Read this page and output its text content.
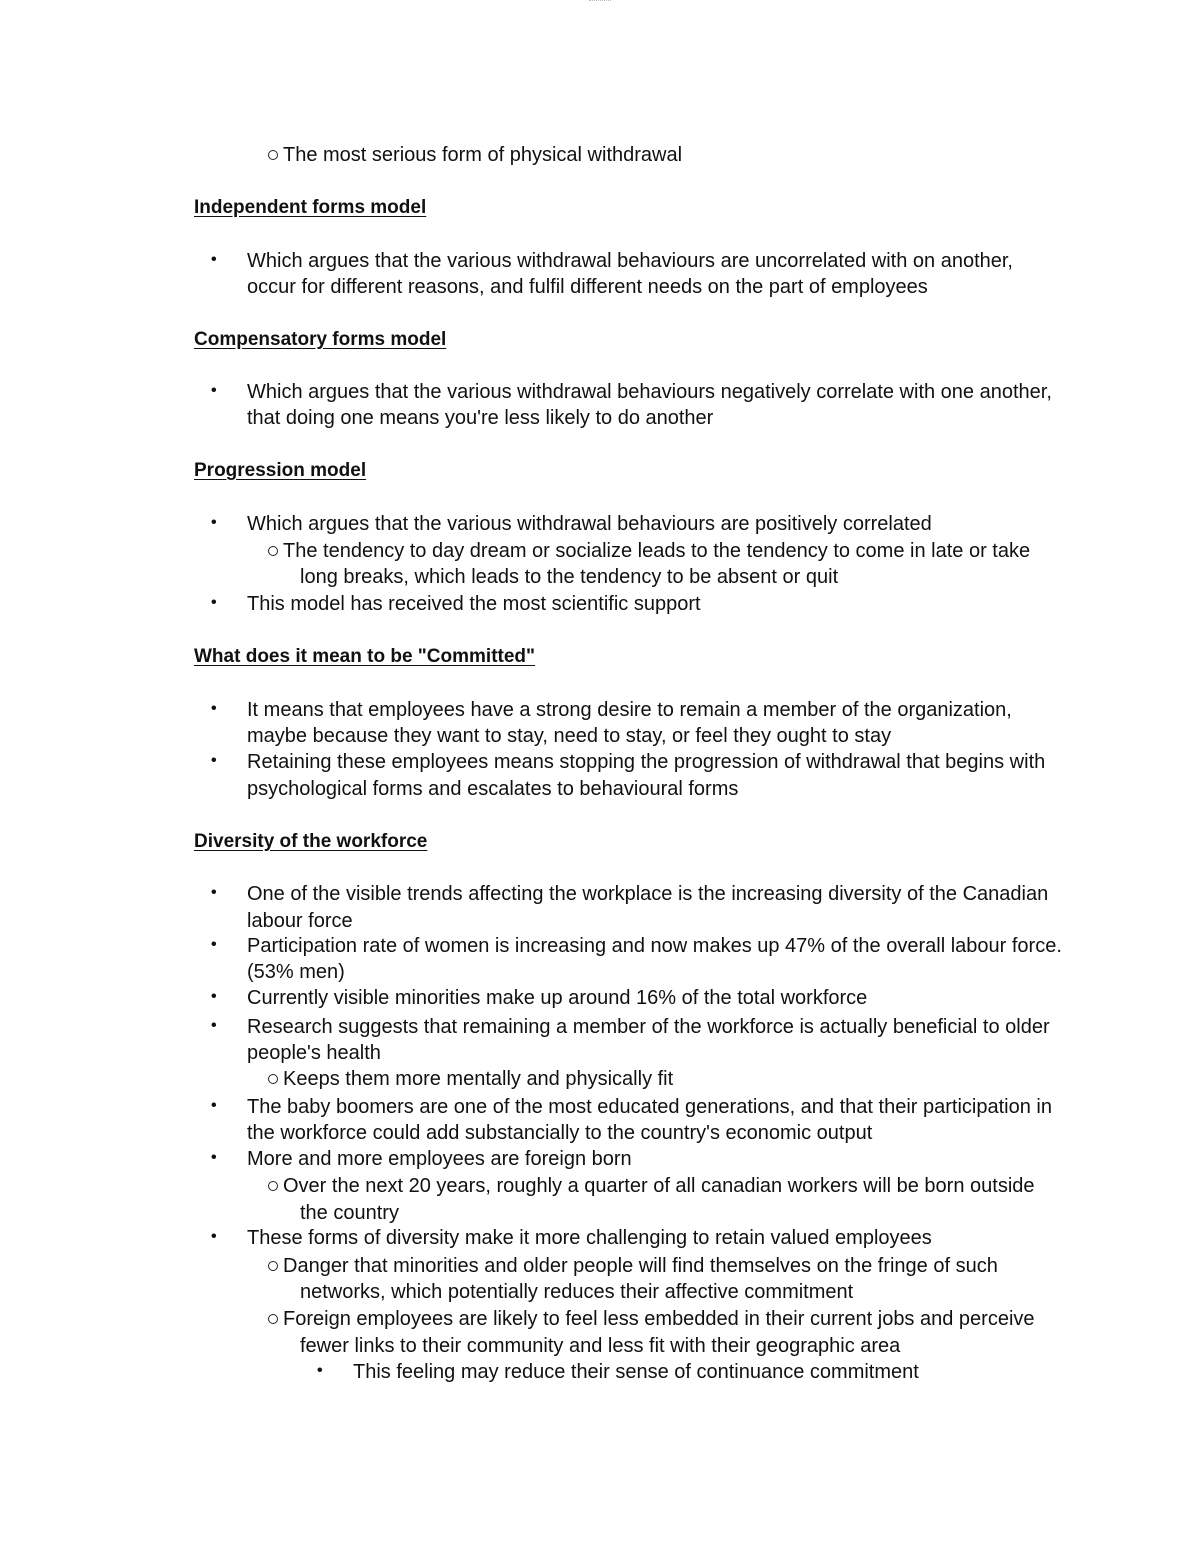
The most serious form of physical withdrawal
Independent forms model
• Which argues that the various withdrawal behaviours are uncorrelated with on another,
occur for different reasons, and fulfil different needs on the part of employees
Compensatory forms model
• Which argues that the various withdrawal behaviours negatively correlate with one another,
that doing one means you're less likely to do another
Progression model
• Which argues that the various withdrawal behaviours are positively correlated
The tendency to day dream or socialize leads to the tendency to come in late or take
long breaks, which leads to the tendency to be absent or quit
• This model has received the most scientific support
What does it mean to be "Committed"
• It means that employees have a strong desire to remain a member of the organization,
maybe because they want to stay, need to stay, or feel they ought to stay
• Retaining these employees means stopping the progression of withdrawal that begins with
psychological forms and escalates to behavioural forms
Diversity of the workforce
• One of the visible trends affecting the workplace is the increasing diversity of the Canadian
labour force
• Participation rate of women is increasing and now makes up 47% of the overall labour force.
(53% men)
• Currently visible minorities make up around 16% of the total workforce
• Research suggests that remaining a member of the workforce is actually beneficial to older
people's health
Keeps them more mentally and physically fit
• The baby boomers are one of the most educated generations, and that their participation in
the workforce could add substancially to the country's economic output
• More and more employees are foreign born
Over the next 20 years, roughly a quarter of all canadian workers will be born outside
the country
• These forms of diversity make it more challenging to retain valued employees
Danger that minorities and older people will find themselves on the fringe of such
networks, which potentially reduces their affective commitment
Foreign employees are likely to feel less embedded in their current jobs and perceive
fewer links to their community and less fit with their geographic area
• This feeling may reduce their sense of continuance commitment
